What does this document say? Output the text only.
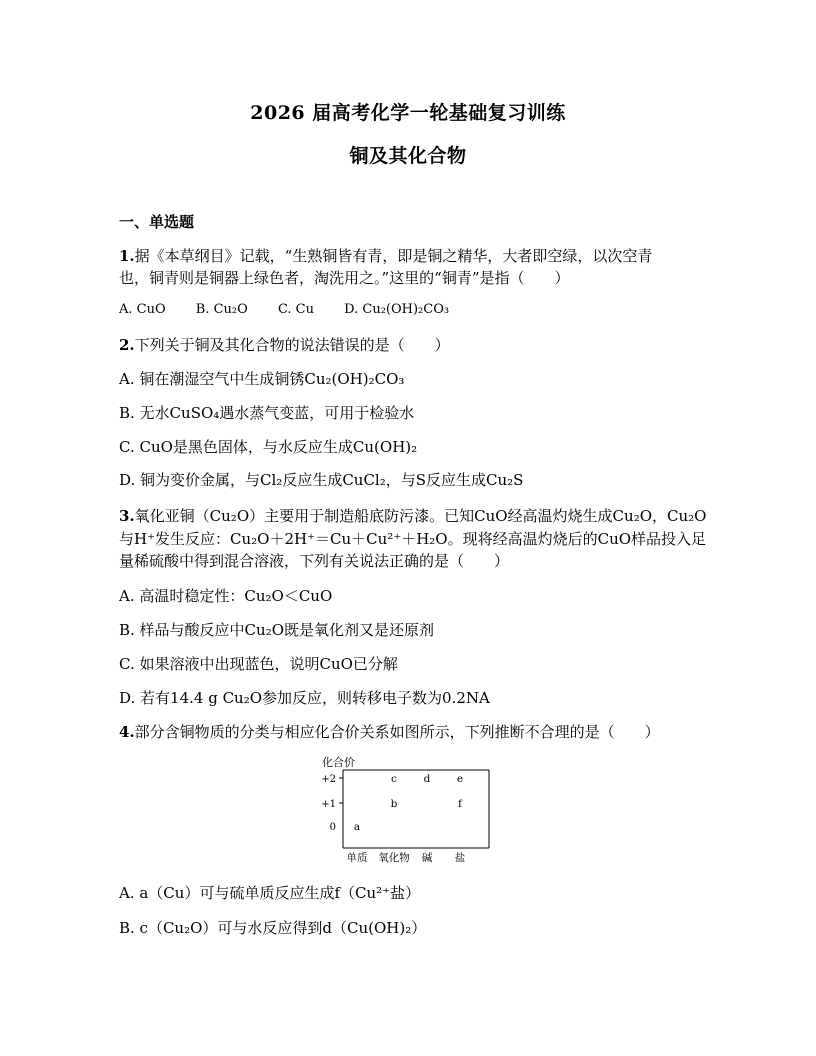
2026 届高考化学一轮基础复习训练
铜及其化合物
一、单选题
1.据《本草纲目》记载，“生熟铜皆有青，即是铜之精华，大者即空绿，以次空青
也，铜青则是铜器上绿色者，淘洗用之。”这里的“铜青”是指（　　）
A. CuO B. Cu₂O C. Cu D. Cu₂(OH)₂CO₃
2.下列关于铜及其化合物的说法错误的是（　　）
A. 铜在潮湿空气中生成铜锈Cu₂(OH)₂CO₃
B. 无水CuSO₄遇水蒸气变蓝，可用于检验水
C. CuO是黑色固体，与水反应生成Cu(OH)₂
D. 铜为变价金属，与Cl₂反应生成CuCl₂，与S反应生成Cu₂S
3.氧化亚铜（Cu₂O）主要用于制造船底防污漆。已知CuO经高温灼烧生成Cu₂O，Cu₂O
与H⁺发生反应：Cu₂O＋2H⁺＝Cu＋Cu²⁺＋H₂O。现将经高温灼烧后的CuO样品投入足
量稀硫酸中得到混合溶液，下列有关说法正确的是（　　）
A. 高温时稳定性：Cu₂O＜CuO
B. 样品与酸反应中Cu₂O既是氧化剂又是还原剂
C. 如果溶液中出现蓝色，说明CuO已分解
D. 若有14.4 g Cu₂O参加反应，则转移电子数为0.2NA
4.部分含铜物质的分类与相应化合价关系如图所示，下列推断不合理的是（　　）
化合价
+2
+1
0
单质 氧化物 碱 盐
a
b
c	d	e
f
A. a（Cu）可与硫单质反应生成f（Cu²⁺盐）
B. c（Cu₂O）可与水反应得到d（Cu(OH)₂）
